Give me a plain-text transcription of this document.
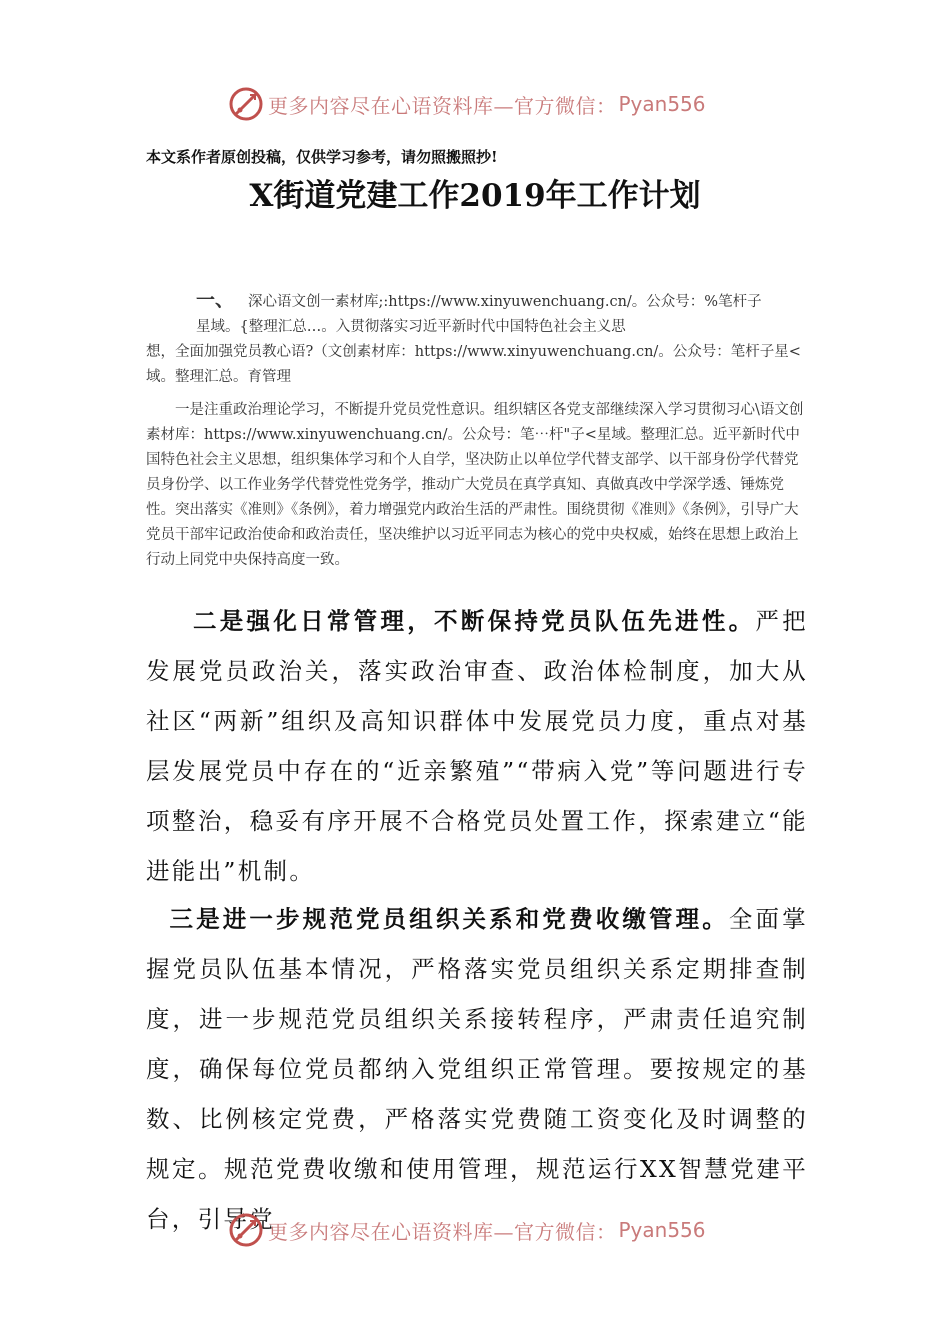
更多内容尽在心语资料库—官方微信： Pyan556
本文系作者原创投稿，仅供学习参考，请勿照搬照抄!
X街道党建工作2019年工作计划

一、 深心语文创一素材库;:https://www.xinyuwenchuang.cn/。公众号：%笔杆子

星域。{整理汇总…。入贯彻落实习近平新时代中国特色社会主义思

想，全面加强党员教心语?（文创素材库：https://www.xinyuwenchuang.cn/。公众号：笔杆子星<域。整理汇总。育管理

一是注重政治理论学习，不断提升党员党性意识。组织辖区各党支部继续深入学习贯彻习心\语文创素材库：https://www.xinyuwenchuang.cn/。公众号：笔⋯杆"子<星域。整理汇总。近平新时代中国特色社会主义思想，组织集体学习和个人自学，坚决防止以单位学代替支部学、以干部身份学代替党员身份学、以工作业务学代替党性党务学，推动广大党员在真学真知、真做真改中学深学透、锤炼党性。突出落实《准则》《条例》，着力增强党内政治生活的严肃性。围绕贯彻《准则》《条例》，引导广大党员干部牢记政治使命和政治责任，坚决维护以习近平同志为核心的党中央权威，始终在思想上政治上行动上同党中央保持高度一致。

二是强化日常管理，不断保持党员队伍先进性。严把发展党员政治关，落实政治审查、政治体检制度，加大从社区“两新”组织及高知识群体中发展党员力度，重点对基层发展党员中存在的“近亲繁殖”“带病入党”等问题进行专项整治，稳妥有序开展不合格党员处置工作，探索建立“能进能出”机制。

三是进一步规范党员组织关系和党费收缴管理。全面掌握党员队伍基本情况，严格落实党员组织关系定期排查制度，进一步规范党员组织关系接转程序，严肃责任追究制度，确保每位党员都纳入党组织正常管理。要按规定的基数、比例核定党费，严格落实党费随工资变化及时调整的规定。规范党费收缴和使用管理，规范运行XX智慧党建平台，引导党

更多内容尽在心语资料库—官方微信： Pyan556
